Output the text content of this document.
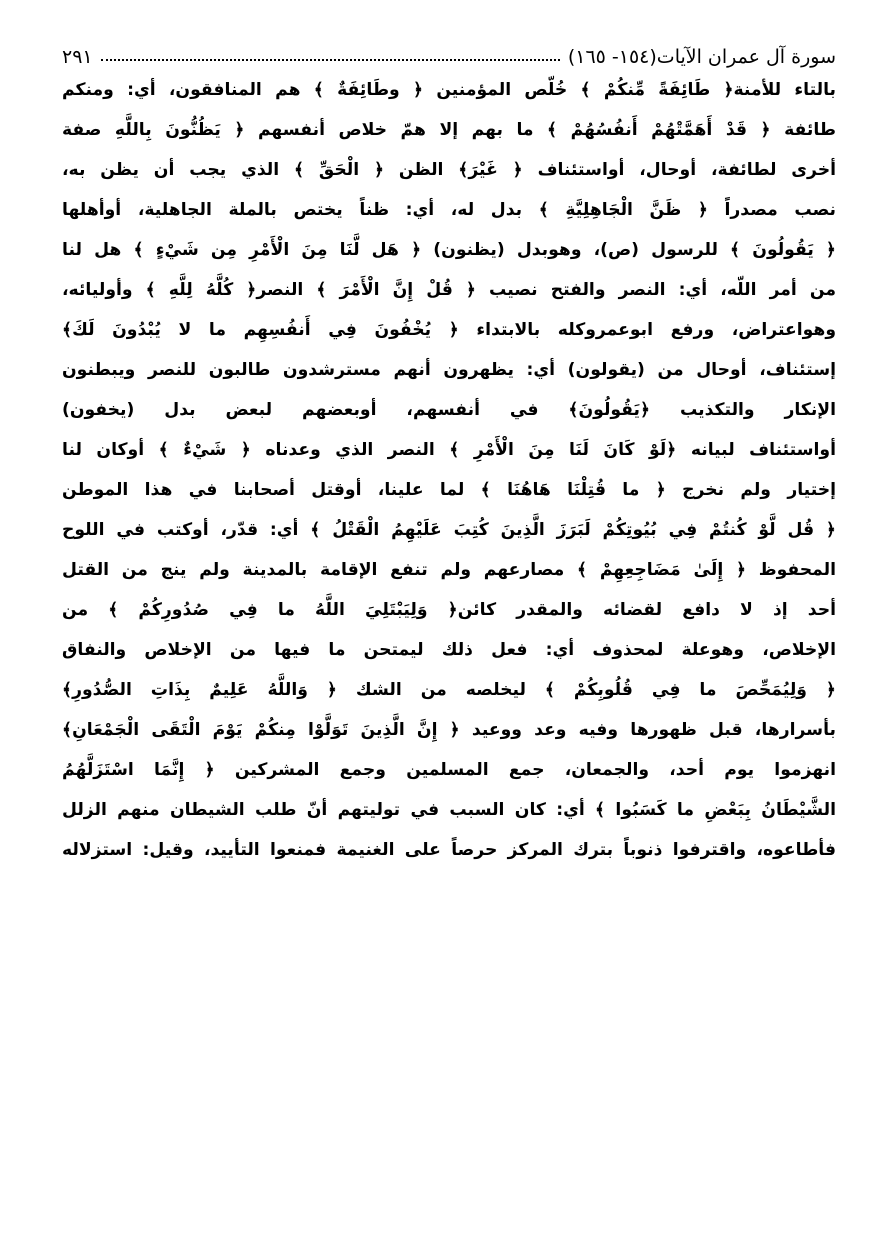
سورة آل عمران الآيات(١٥٤- ١٦٥)
٢٩١
بالتاء للأمنة﴿ طَائِفَةً مِّنكُمْ ﴾ خُلّص المؤمنين ﴿ وطَائِفَةٌ ﴾ هم المنافقون، أي: ومنكم
طائفة ﴿ قَدْ أَهَمَّتْهُمْ أَنفُسُهُمْ ﴾ ما بهم إلا همّ خلاص أنفسهم ﴿ يَظُنُّونَ بِاللَّهِ صفة
أخرى لطائفة، أوحال، أواستئناف ﴿ غَيْرَ﴾ الظن ﴿ الْحَقِّ ﴾ الذي يجب أن يظن به،
نصب مصدراً ﴿ ظَنَّ الْجَاهِلِيَّةِ ﴾ بدل له، أي: ظناً يختص بالملة الجاهلية، أوأهلها
﴿ يَقُولُونَ ﴾ للرسول (ص)، وهوبدل (يظنون) ﴿ هَل لَّنَا مِنَ الْأَمْرِ مِن شَيْءٍ ﴾ هل لنا
من أمر اللّه، أي: النصر والفتح نصيب ﴿ قُلْ إِنَّ الْأَمْرَ ﴾ النصر﴿ كُلَّهُ لِلَّهِ ﴾ وأوليائه،
وهواعتراض، ورفع ابوعمروكله بالابتداء ﴿ يُخْفُونَ فِي أَنفُسِهِم ما لا يُبْدُونَ لَكَ﴾
إستئناف، أوحال من (يقولون) أي: يظهرون أنهم مسترشدون طالبون للنصر ويبطنون
الإنكار والتكذيب ﴿يَقُولُونَ﴾ في أنفسهم، أوبعضهم لبعض بدل (يخفون)
أواستئناف لبيانه ﴿لَوْ كَانَ لَنَا مِنَ الْأَمْرِ ﴾ النصر الذي وعدناه ﴿ شَيْءٌ ﴾ أوكان لنا
إختيار ولم نخرج ﴿ ما قُتِلْنَا هَاهُنَا ﴾ لما علينا، أوقتل أصحابنا في هذا الموطن
﴿ قُل لَّوْ كُنتُمْ فِي بُيُوتِكُمْ لَبَرَزَ الَّذِينَ كُتِبَ عَلَيْهِمُ الْقَتْلُ ﴾ أي: قدّر، أوكتب في اللوح
المحفوظ ﴿ إِلَىٰ مَضَاجِعِهِمْ ﴾ مصارعهم ولم تنفع الإقامة بالمدينة ولم ينج من القتل
أحد إذ لا دافع لقضائه والمقدر كائن﴿ وَلِيَبْتَلِيَ اللَّهُ ما فِي صُدُورِكُمْ ﴾ من
الإخلاص، وهوعلة لمحذوف أي: فعل ذلك ليمتحن ما فيها من الإخلاص والنفاق
﴿ وَلِيُمَحِّصَ ما فِي قُلُوبِكُمْ ﴾ ليخلصه من الشك ﴿ وَاللَّهُ عَلِيمٌ بِذَاتِ الصُّدُورِ﴾
بأسرارها، قبل ظهورها وفيه وعد ووعيد ﴿ إِنَّ الَّذِينَ تَوَلَّوْا مِنكُمْ يَوْمَ الْتَقَى الْجَمْعَانِ﴾
انهزموا يوم أحد، والجمعان، جمع المسلمين وجمع المشركين ﴿ إِنَّمَا اسْتَزَلَّهُمُ
الشَّيْطَانُ بِبَعْضِ ما كَسَبُوا ﴾ أي: كان السبب في توليتهم أنّ طلب الشيطان منهم الزلل
فأطاعوه، واقترفوا ذنوباً بترك المركز حرصاً على الغنيمة فمنعوا التأييد، وقيل: استزلاله
